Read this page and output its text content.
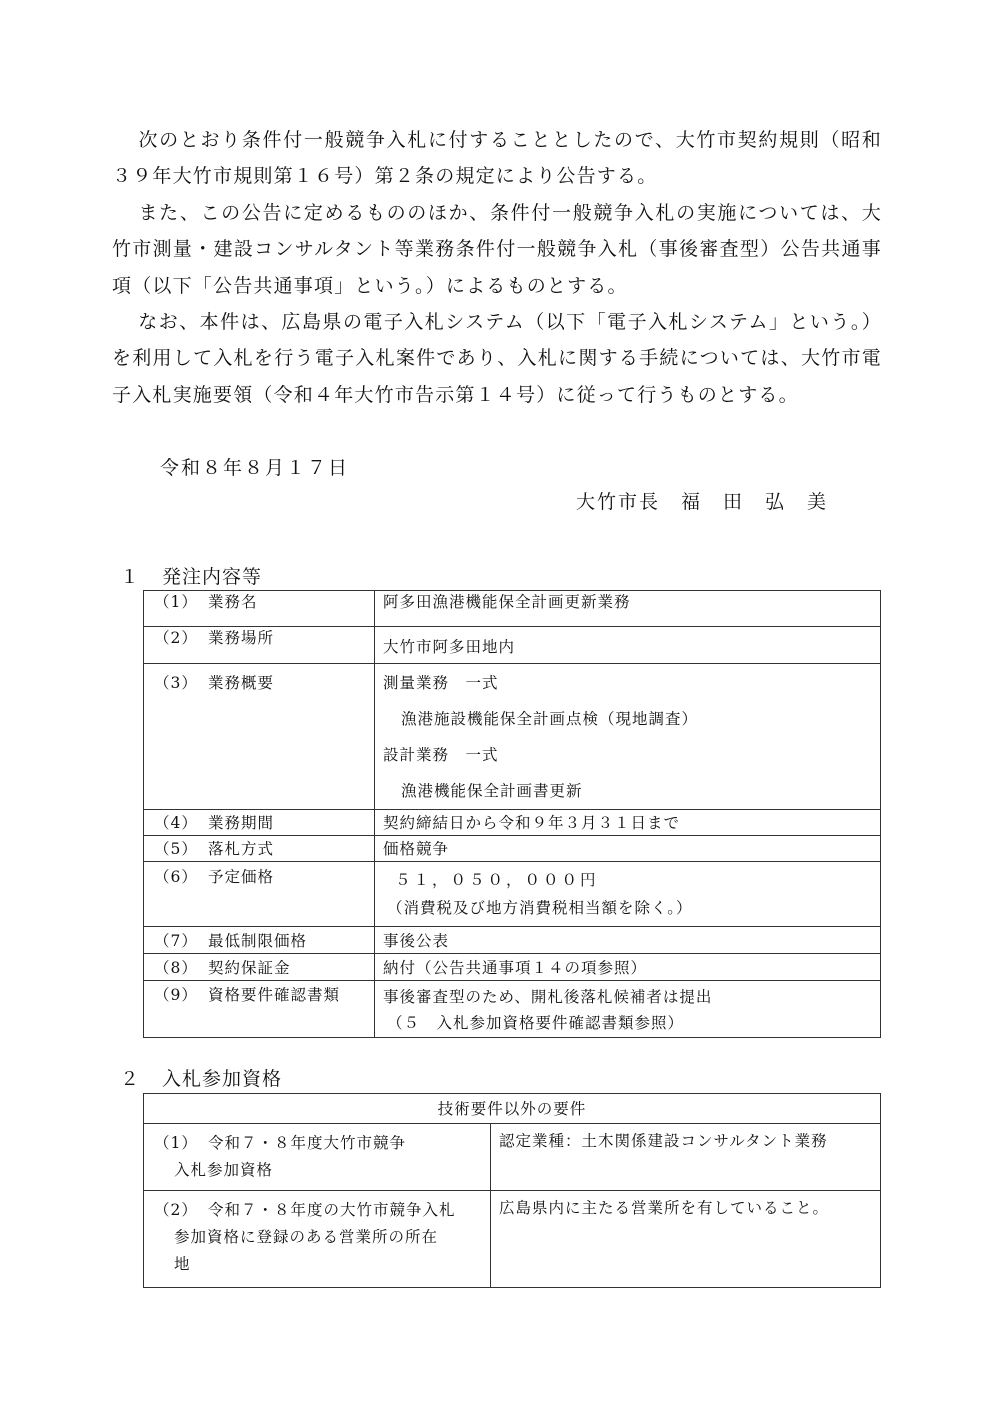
次のとおり条件付一般競争入札に付することとしたので、大竹市契約規則（昭和３９年大竹市規則第１６号）第２条の規定により公告する。

また、この公告に定めるもののほか、条件付一般競争入札の実施については、大竹市測量・建設コンサルタント等業務条件付一般競争入札（事後審査型）公告共通事項（以下「公告共通事項」という。）によるものとする。

なお、本件は、広島県の電子入札システム（以下「電子入札システム」という。）を利用して入札を行う電子入札案件であり、入札に関する手続については、大竹市電子入札実施要領（令和４年大竹市告示第１４号）に従って行うものとする。

令和８年８月１７日
大竹市長　福　田　弘　美
１ 発注内容等
（1） 業務名	阿多田漁港機能保全計画更新業務

（2） 業務場所	大竹市阿多田地内

（3） 業務概要	測量業務　一式
漁港施設機能保全計画点検（現地調査）
設計業務　一式
漁港機能保全計画書更新

（4） 業務期間	契約締結日から令和９年３月３１日まで

（5） 落札方式	価格競争

（6） 予定価格	５１，０５０，０００円
（消費税及び地方消費税相当額を除く。）

（7） 最低制限価格	事後公表

（8） 契約保証金	納付（公告共通事項１４の項参照）

（9） 資格要件確認書類	事後審査型のため、開札後落札候補者は提出
（５　入札参加資格要件確認書類参照）
２ 入札参加資格
技術要件以外の要件	
（1） 令和７・８年度大竹市競争
入札参加資格	認定業種：土木関係建設コンサルタント業務
（2） 令和７・８年度の大竹市競争入札
参加資格に登録のある営業所の所在
地	広島県内に主たる営業所を有していること。
